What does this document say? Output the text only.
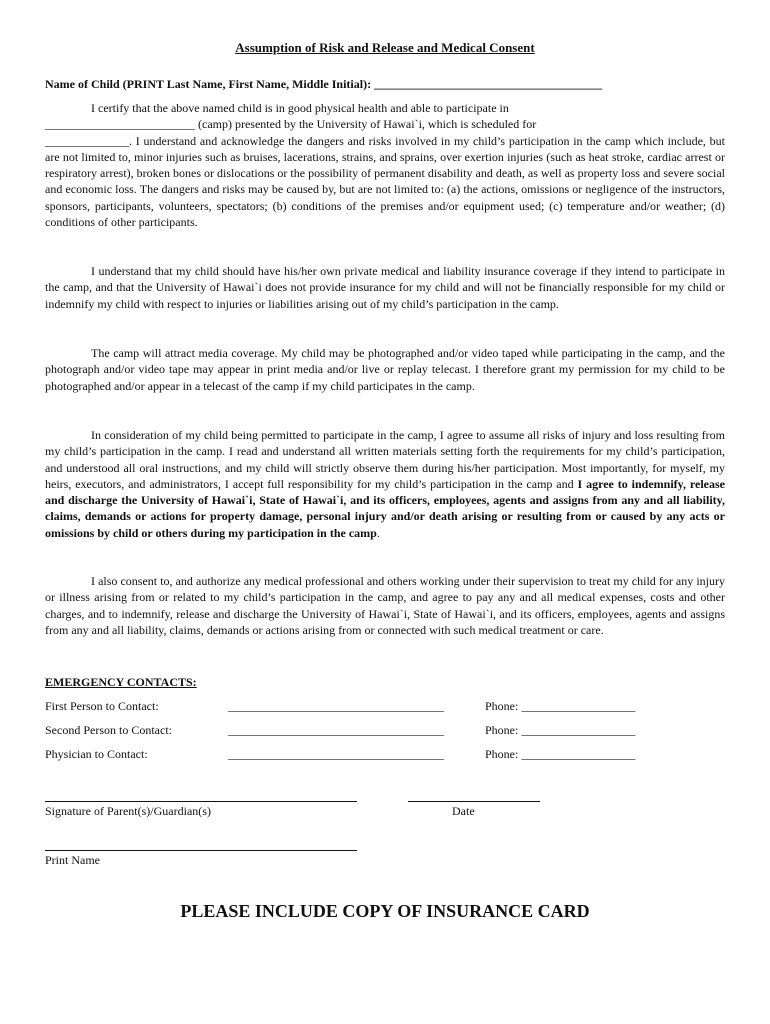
Assumption of Risk and Release and Medical Consent
Name of Child (PRINT Last Name, First Name, Middle Initial): ______________________________________
I certify that the above named child is in good physical health and able to participate in
_________________________ (camp) presented by the University of Hawai`i, which is scheduled for
______________. I understand and acknowledge the dangers and risks involved in my child’s participation in the camp which include, but are not limited to, minor injuries such as bruises, lacerations, strains, and sprains, over exertion injuries (such as heat stroke, cardiac arrest or respiratory arrest), broken bones or dislocations or the possibility of permanent disability and death, as well as property loss and severe social and economic loss. The dangers and risks may be caused by, but are not limited to: (a) the actions, omissions or negligence of the instructors, sponsors, participants, volunteers, spectators; (b) conditions of the premises and/or equipment used; (c) temperature and/or weather; (d) conditions of other participants.
I understand that my child should have his/her own private medical and liability insurance coverage if they intend to participate in the camp, and that the University of Hawai`i does not provide insurance for my child and will not be financially responsible for my child or indemnify my child with respect to injuries or liabilities arising out of my child’s participation in the camp.
The camp will attract media coverage. My child may be photographed and/or video taped while participating in the camp, and the photograph and/or video tape may appear in print media and/or live or replay telecast. I therefore grant my permission for my child to be photographed and/or appear in a telecast of the camp if my child participates in the camp.
In consideration of my child being permitted to participate in the camp, I agree to assume all risks of injury and loss resulting from my child’s participation in the camp. I read and understand all written materials setting forth the requirements for my child’s participation, and understood all oral instructions, and my child will strictly observe them during his/her participation. Most importantly, for myself, my heirs, executors, and administrators, I accept full responsibility for my child’s participation in the camp and I agree to indemnify, release and discharge the University of Hawai`i, State of Hawai`i, and its officers, employees, agents and assigns from any and all liability, claims, demands or actions for property damage, personal injury and/or death arising or resulting from or caused by any acts or omissions by child or others during my participation in the camp.
I also consent to, and authorize any medical professional and others working under their supervision to treat my child for any injury or illness arising from or related to my child’s participation in the camp, and agree to pay any and all medical expenses, costs and other charges, and to indemnify, release and discharge the University of Hawai`i, State of Hawai`i, and its officers, employees, agents and assigns from any and all liability, claims, demands or actions arising from or connected with such medical treatment or care.
EMERGENCY CONTACTS:
First Person to Contact:	____________________________________	Phone: ___________________
Second Person to Contact:	____________________________________	Phone: ___________________
Physician to Contact:	____________________________________	Phone: ___________________
Signature of Parent(s)/Guardian(s)	Date
Print Name
PLEASE INCLUDE COPY OF INSURANCE CARD
